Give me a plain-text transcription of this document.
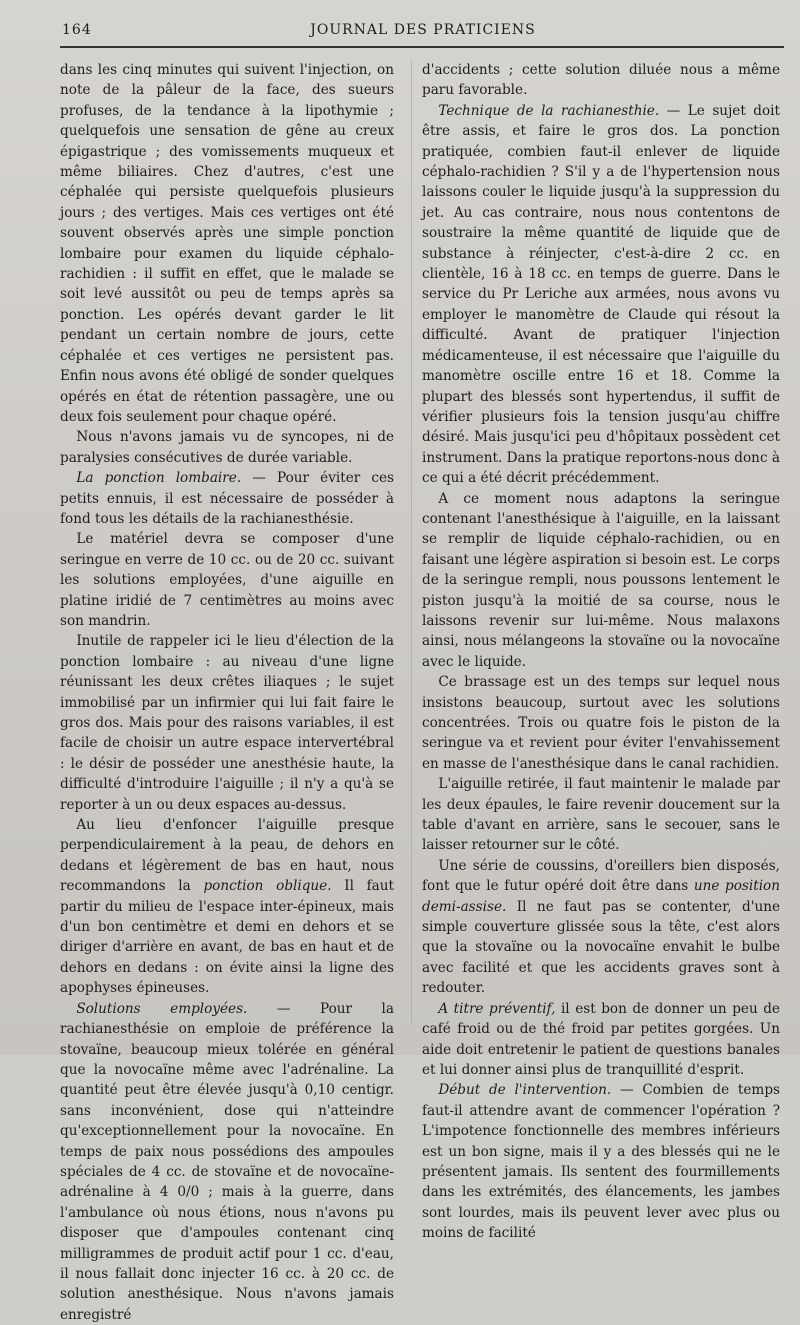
164	JOURNAL DES PRATICIENS

dans les cinq minutes qui suivent l'injection, on note de la pâleur de la face, des sueurs profuses, de la tendance à la lipothymie ; quelquefois une sensation de gêne au creux épigastrique ; des vomissements muqueux et même biliaires. Chez d'autres, c'est une céphalée qui persiste quelquefois plusieurs jours ; des vertiges. Mais ces vertiges ont été souvent observés après une simple ponction lombaire pour examen du liquide céphalo-rachidien : il suffit en effet, que le malade se soit levé aussitôt ou peu de temps après sa ponction. Les opérés devant garder le lit pendant un certain nombre de jours, cette céphalée et ces vertiges ne persistent pas. Enfin nous avons été obligé de sonder quelques opérés en état de rétention passagère, une ou deux fois seulement pour chaque opéré.

Nous n'avons jamais vu de syncopes, ni de paralysies consécutives de durée variable.

La ponction lombaire. — Pour éviter ces petits ennuis, il est nécessaire de posséder à fond tous les détails de la rachianesthésie.

Le matériel devra se composer d'une seringue en verre de 10 cc. ou de 20 cc. suivant les solutions employées, d'une aiguille en platine iridié de 7 centimètres au moins avec son mandrin.

Inutile de rappeler ici le lieu d'élection de la ponction lombaire : au niveau d'une ligne réunissant les deux crêtes iliaques ; le sujet immobilisé par un infirmier qui lui fait faire le gros dos. Mais pour des raisons variables, il est facile de choisir un autre espace intervertébral : le désir de posséder une anesthésie haute, la difficulté d'introduire l'aiguille ; il n'y a qu'à se reporter à un ou deux espaces au-dessus.

Au lieu d'enfoncer l'aiguille presque perpendiculairement à la peau, de dehors en dedans et légèrement de bas en haut, nous recommandons la ponction oblique. Il faut partir du milieu de l'espace inter-épineux, mais d'un bon centimètre et demi en dehors et se diriger d'arrière en avant, de bas en haut et de dehors en dedans : on évite ainsi la ligne des apophyses épineuses.

Solutions employées. — Pour la rachianesthésie on emploie de préférence la stovaïne, beaucoup mieux tolérée en général que la novocaïne même avec l'adrénaline. La quantité peut être élevée jusqu'à 0,10 centigr. sans inconvénient, dose qui n'atteindre qu'exceptionnellement pour la novocaïne. En temps de paix nous possédions des ampoules spéciales de 4 cc. de stovaïne et de novocaïne-adrénaline à 4 0/0 ; mais à la guerre, dans l'ambulance où nous étions, nous n'avons pu disposer que d'ampoules contenant cinq milligrammes de produit actif pour 1 cc. d'eau, il nous fallait donc injecter 16 cc. à 20 cc. de solution anesthésique. Nous n'avons jamais enregistré

d'accidents ; cette solution diluée nous a même paru favorable.

Technique de la rachianesthie. — Le sujet doit être assis, et faire le gros dos. La ponction pratiquée, combien faut-il enlever de liquide céphalo-rachidien ? S'il y a de l'hypertension nous laissons couler le liquide jusqu'à la suppression du jet. Au cas contraire, nous nous contentons de soustraire la même quantité de liquide que de substance à réinjecter, c'est-à-dire 2 cc. en clientèle, 16 à 18 cc. en temps de guerre. Dans le service du Pr Leriche aux armées, nous avons vu employer le manomètre de Claude qui résout la difficulté. Avant de pratiquer l'injection médicamenteuse, il est nécessaire que l'aiguille du manomètre oscille entre 16 et 18. Comme la plupart des blessés sont hypertendus, il suffit de vérifier plusieurs fois la tension jusqu'au chiffre désiré. Mais jusqu'ici peu d'hôpitaux possèdent cet instrument. Dans la pratique reportons-nous donc à ce qui a été décrit précédemment.

A ce moment nous adaptons la seringue contenant l'anesthésique à l'aiguille, en la laissant se remplir de liquide céphalo-rachidien, ou en faisant une légère aspiration si besoin est. Le corps de la seringue rempli, nous poussons lentement le piston jusqu'à la moitié de sa course, nous le laissons revenir sur lui-même. Nous malaxons ainsi, nous mélangeons la stovaïne ou la novocaïne avec le liquide.

Ce brassage est un des temps sur lequel nous insistons beaucoup, surtout avec les solutions concentrées. Trois ou quatre fois le piston de la seringue va et revient pour éviter l'envahissement en masse de l'anesthésique dans le canal rachidien.

L'aiguille retirée, il faut maintenir le malade par les deux épaules, le faire revenir doucement sur la table d'avant en arrière, sans le secouer, sans le laisser retourner sur le côté.

Une série de coussins, d'oreillers bien disposés, font que le futur opéré doit être dans une position demi-assise. Il ne faut pas se contenter, d'une simple couverture glissée sous la tête, c'est alors que la stovaïne ou la novocaïne envahit le bulbe avec facilité et que les accidents graves sont à redouter.

A titre préventif, il est bon de donner un peu de café froid ou de thé froid par petites gorgées. Un aide doit entretenir le patient de questions banales et lui donner ainsi plus de tranquillité d'esprit.

Début de l'intervention. — Combien de temps faut-il attendre avant de commencer l'opération ? L'impotence fonctionnelle des membres inférieurs est un bon signe, mais il y a des blessés qui ne le présentent jamais. Ils sentent des fourmillements dans les extrémités, des élancements, les jambes sont lourdes, mais ils peuvent lever avec plus ou moins de facilité
